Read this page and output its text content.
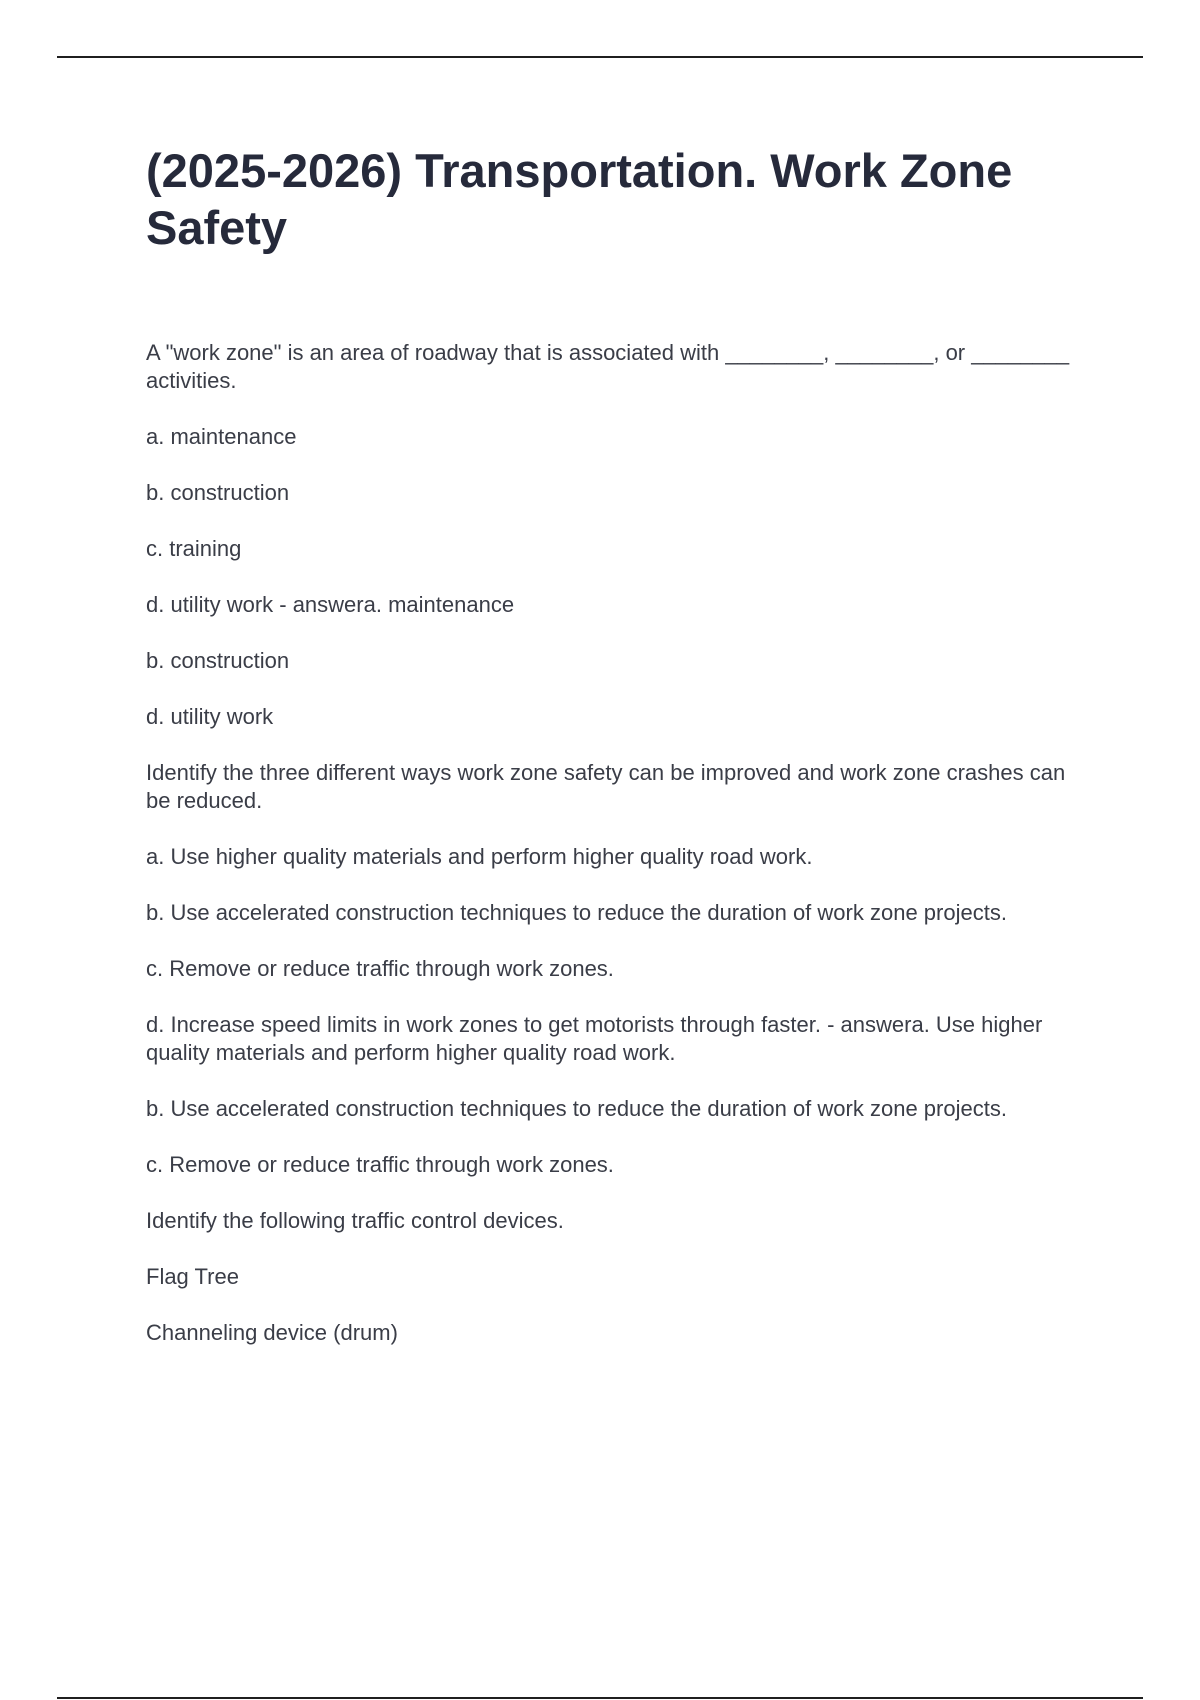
(2025-2026) Transportation. Work Zone Safety

A "work zone" is an area of roadway that is associated with ________, ________, or ________ activities.

a. maintenance

b. construction

c. training

d. utility work - answera. maintenance

b. construction

d. utility work

Identify the three different ways work zone safety can be improved and work zone crashes can be reduced.

a. Use higher quality materials and perform higher quality road work.

b. Use accelerated construction techniques to reduce the duration of work zone projects.

c. Remove or reduce traffic through work zones.

d. Increase speed limits in work zones to get motorists through faster. - answera. Use higher quality materials and perform higher quality road work.

b. Use accelerated construction techniques to reduce the duration of work zone projects.

c. Remove or reduce traffic through work zones.

Identify the following traffic control devices.

Flag Tree

Channeling device (drum)
